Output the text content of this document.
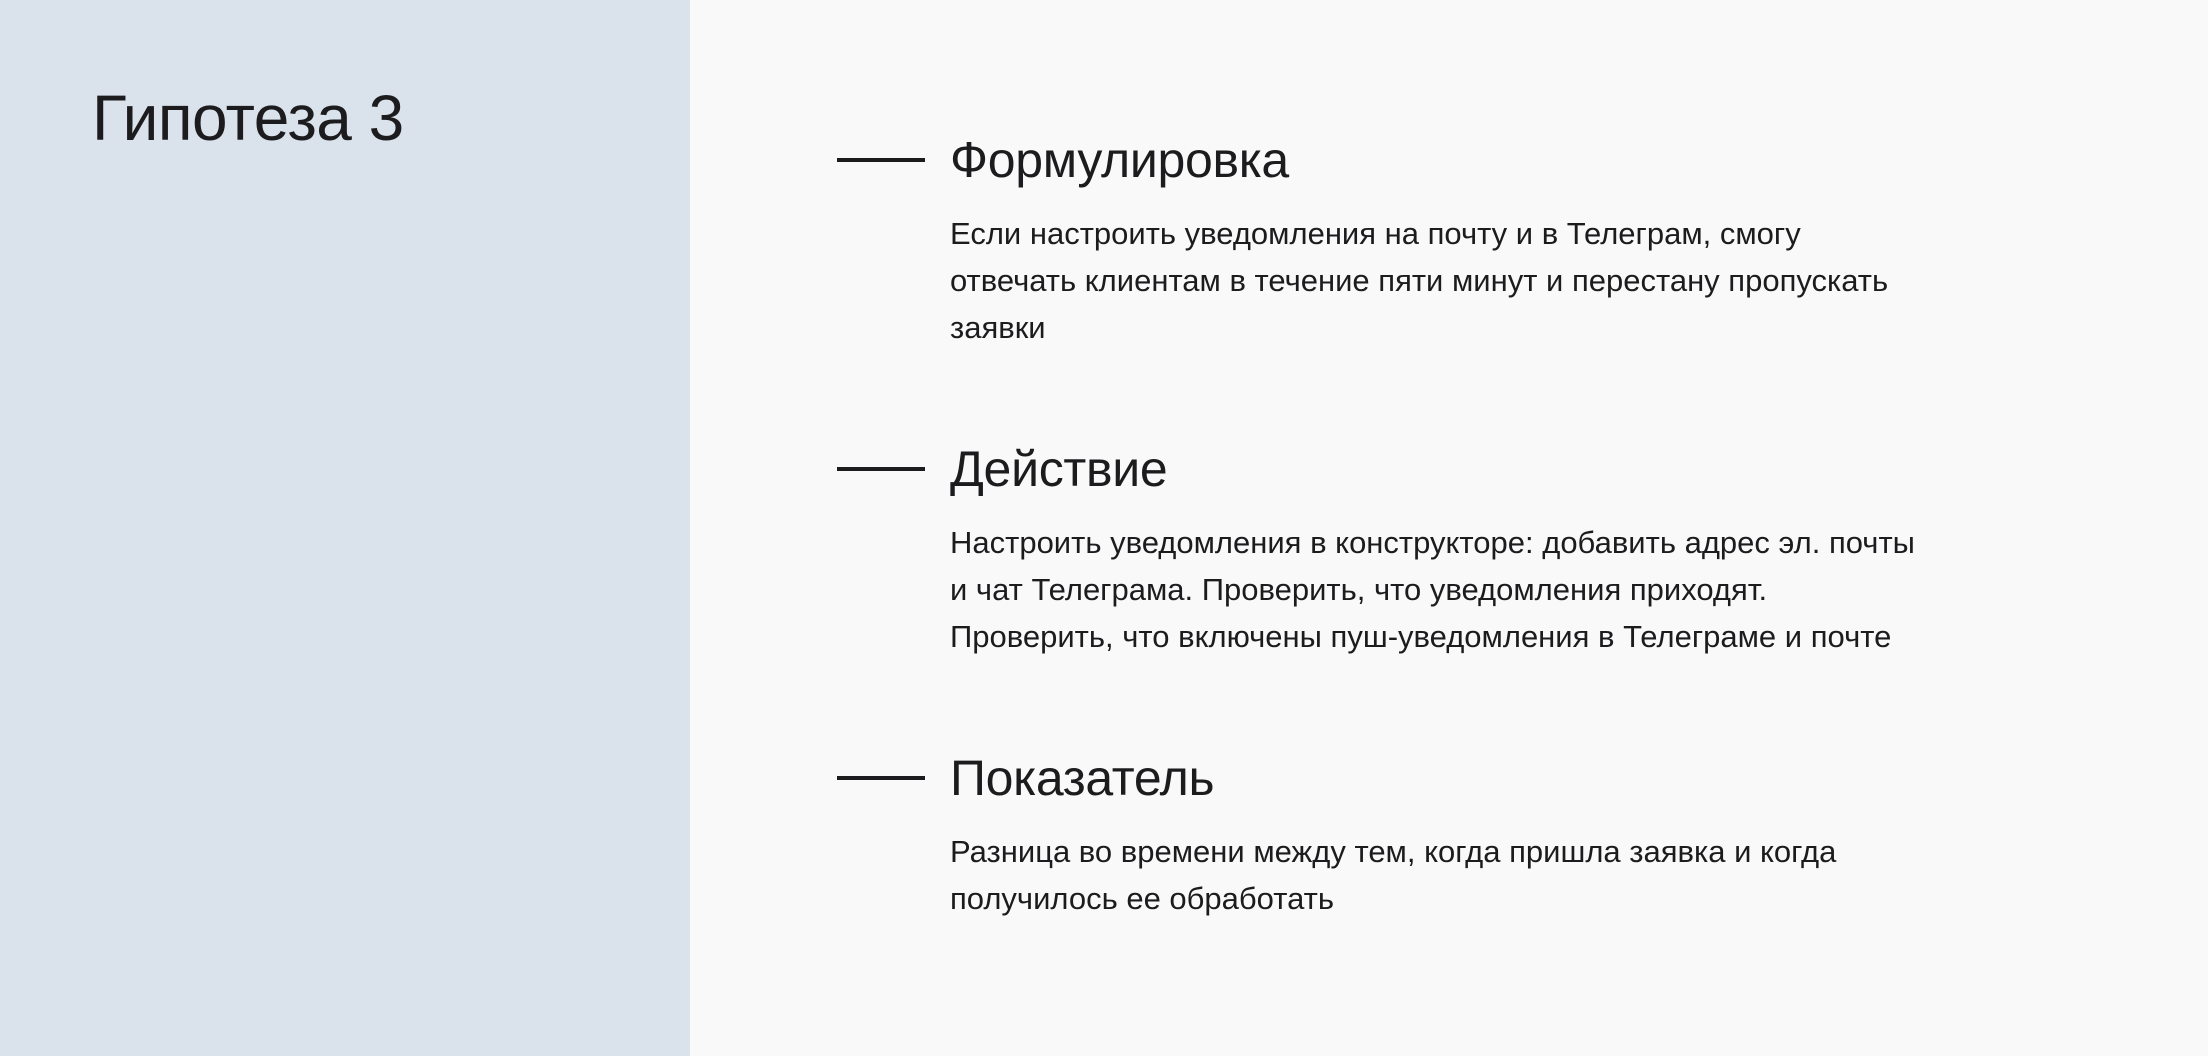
Гипотеза 3
Формулировка
Если настроить уведомления на почту и в Телеграм, смогу
отвечать клиентам в течение пяти минут и перестану пропускать
заявки
Действие
Настроить уведомления в конструкторе: добавить адрес эл. почты
и чат Телеграма. Проверить, что уведомления приходят.
Проверить, что включены пуш-уведомления в Телеграме и почте
Показатель
Разница во времени между тем, когда пришла заявка и когда
получилось ее обработать
